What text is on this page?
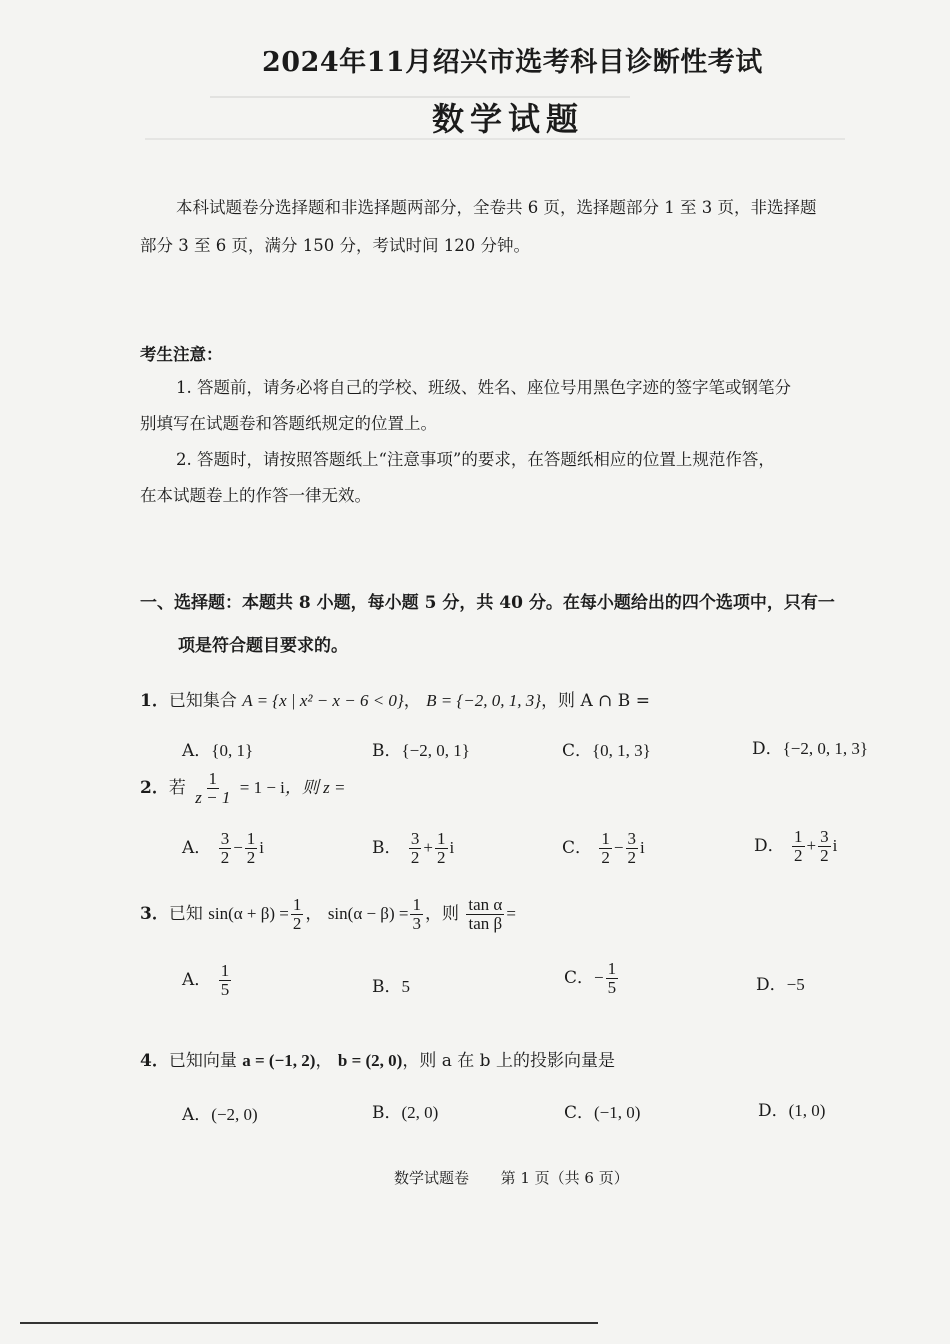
2024年11月绍兴市选考科目诊断性考试
数学试题
本科试题卷分选择题和非选择题两部分，全卷共 6 页，选择题部分 1 至 3 页，非选择题
部分 3 至 6 页，满分 150 分，考试时间 120 分钟。
考生注意：
1. 答题前，请务必将自己的学校、班级、姓名、座位号用黑色字迹的签字笔或钢笔分
别填写在试题卷和答题纸规定的位置上。
2. 答题时，请按照答题纸上“注意事项”的要求，在答题纸相应的位置上规范作答，
在本试题卷上的作答一律无效。
一、选择题：本题共 8 小题，每小题 5 分，共 40 分。在每小题给出的四个选项中，只有一
项是符合题目要求的。
1．已知集合 A = {x | x² − x − 6 < 0}， B = {−2, 0, 1, 3}，则 A ∩ B =
A．{0, 1}	B．{−2, 0, 1}	C．{0, 1, 3}	D．{−2, 0, 1, 3}
2．若 $\frac{1}{z - 1} = 1 - i$，则 z =
A． $\frac{3}{2} - \frac{1}{2}$ i	B． $\frac{3}{2} + \frac{1}{2}$ i	C． $\frac{1}{2} - \frac{3}{2}$ i	D． $\frac{1}{2} + \frac{3}{2}$ i
3．已知 $\sin(\alpha + \beta) = \frac{1}{2}$ ， $\sin(\alpha - \beta) = \frac{1}{3}$ ，则 $\frac{\text{tan α}}{\text{tan β}}$ =
A． $\frac{1}{5}$	B．5	C．− $\frac{1}{5}$	D．−5
4．已知向量 a = (−1, 2)， b = (2, 0)，则 a 在 b 上的投影向量是
A．(−2, 0)	B．(2, 0)	C．(−1, 0)	D．(1, 0)
数学试题卷 第 1 页（共 6 页）
